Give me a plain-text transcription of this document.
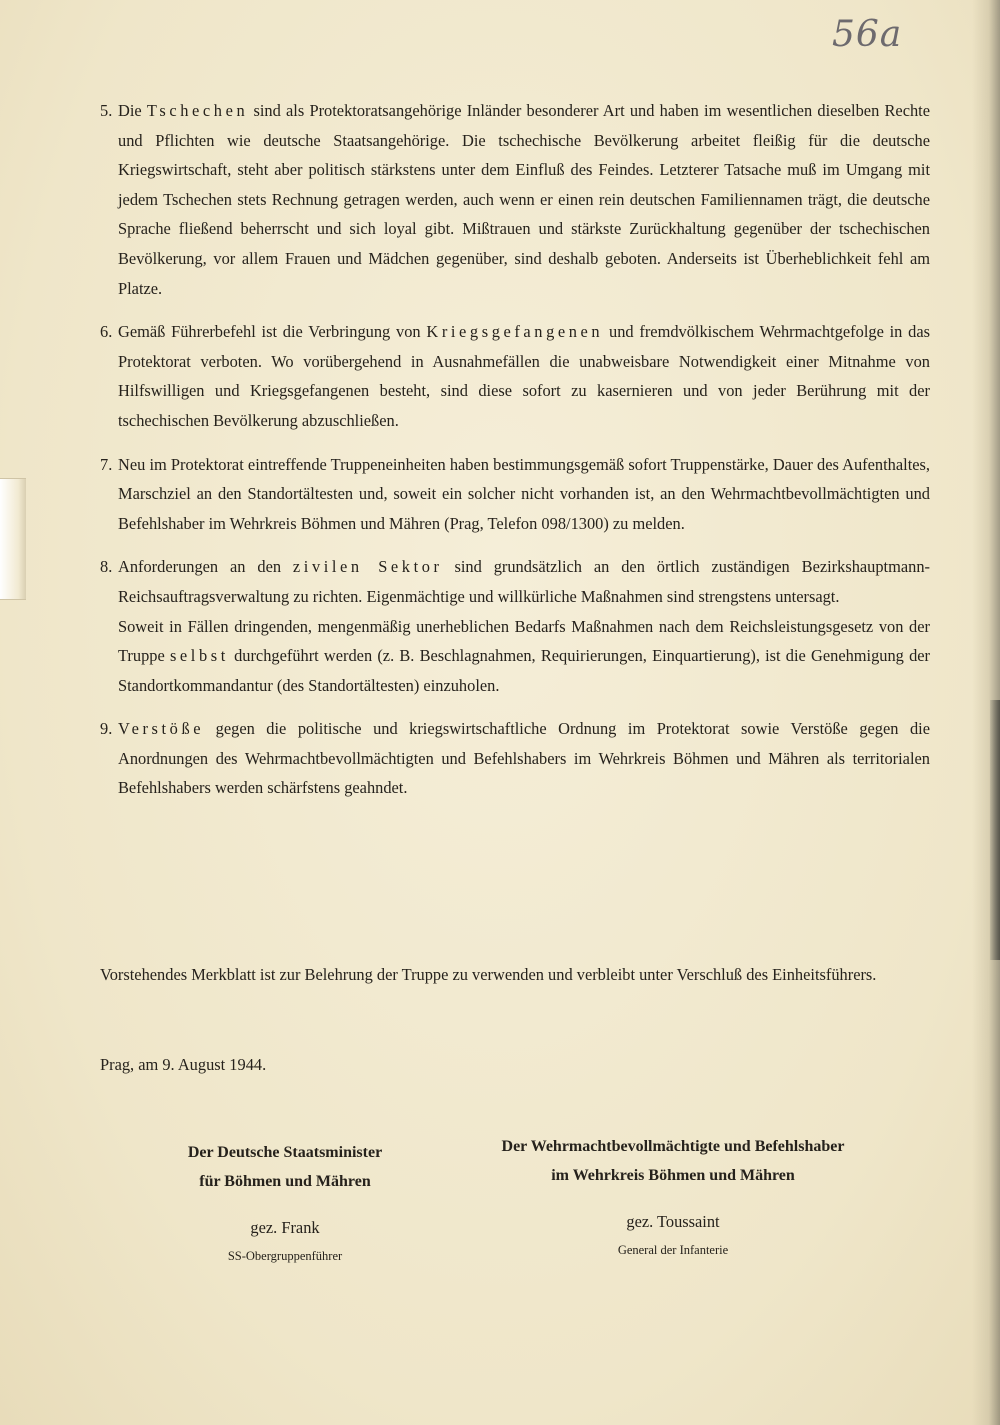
56a
5. Die Tschechen sind als Protektoratsangehörige Inländer besonderer Art und haben im wesentlichen dieselben Rechte und Pflichten wie deutsche Staatsangehörige. Die tschechische Bevölkerung arbeitet fleißig für die deutsche Kriegswirtschaft, steht aber politisch stärkstens unter dem Einfluß des Feindes. Letzterer Tatsache muß im Umgang mit jedem Tschechen stets Rechnung getragen werden, auch wenn er einen rein deutschen Familiennamen trägt, die deutsche Sprache fließend beherrscht und sich loyal gibt. Mißtrauen und stärkste Zurückhaltung gegenüber der tschechischen Bevölkerung, vor allem Frauen und Mädchen gegenüber, sind deshalb geboten. Anderseits ist Überheblichkeit fehl am Platze.
6. Gemäß Führerbefehl ist die Verbringung von Kriegsgefangenen und fremdvölkischem Wehrmachtgefolge in das Protektorat verboten. Wo vorübergehend in Ausnahmefällen die unabweisbare Notwendigkeit einer Mitnahme von Hilfswilligen und Kriegsgefangenen besteht, sind diese sofort zu kasernieren und von jeder Berührung mit der tschechischen Bevölkerung abzuschließen.
7. Neu im Protektorat eintreffende Truppeneinheiten haben bestimmungsgemäß sofort Truppenstärke, Dauer des Aufenthaltes, Marschziel an den Standortältesten und, soweit ein solcher nicht vorhanden ist, an den Wehrmachtbevollmächtigten und Befehlshaber im Wehrkreis Böhmen und Mähren (Prag, Telefon 098/1300) zu melden.
8. Anforderungen an den zivilen Sektor sind grundsätzlich an den örtlich zuständigen Bezirkshauptmann- Reichsauftragsverwaltung zu richten. Eigenmächtige und willkürliche Maßnahmen sind strengstens untersagt.
Soweit in Fällen dringenden, mengenmäßig unerheblichen Bedarfs Maßnahmen nach dem Reichsleistungsgesetz von der Truppe selbst durchgeführt werden (z. B. Beschlagnahmen, Requirierungen, Einquartierung), ist die Genehmigung der Standortkommandantur (des Standortältesten) einzuholen.
9. Verstöße gegen die politische und kriegswirtschaftliche Ordnung im Protektorat sowie Verstöße gegen die Anordnungen des Wehrmachtbevollmächtigten und Befehlshabers im Wehrkreis Böhmen und Mähren als territorialen Befehlshabers werden schärfstens geahndet.
Vorstehendes Merkblatt ist zur Belehrung der Truppe zu verwenden und verbleibt unter Verschluß des Einheitsführers.
Prag, am 9. August 1944.
Der Deutsche Staatsminister
für Böhmen und Mähren
gez. Frank
SS-Obergruppenführer
Der Wehrmachtbevollmächtigte und Befehlshaber
im Wehrkreis Böhmen und Mähren
gez. Toussaint
General der Infanterie
